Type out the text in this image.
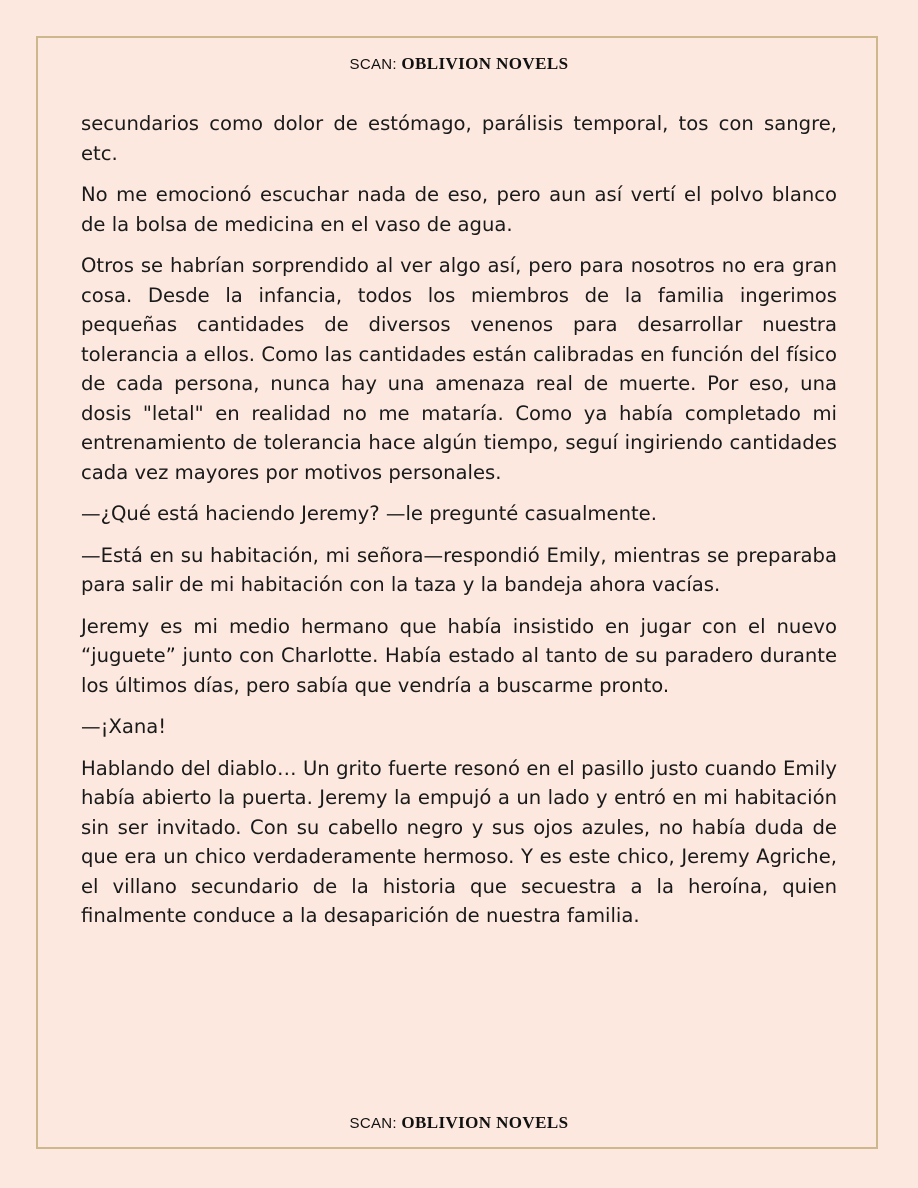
SCAN: OBLIVION NOVELS

secundarios como dolor de estómago, parálisis temporal, tos con sangre, etc.

No me emocionó escuchar nada de eso, pero aun así vertí el polvo blanco de la bolsa de medicina en el vaso de agua.

Otros se habrían sorprendido al ver algo así, pero para nosotros no era gran cosa. Desde la infancia, todos los miembros de la familia ingerimos pequeñas cantidades de diversos venenos para desarrollar nuestra tolerancia a ellos. Como las cantidades están calibradas en función del físico de cada persona, nunca hay una amenaza real de muerte. Por eso, una dosis "letal" en realidad no me mataría. Como ya había completado mi entrenamiento de tolerancia hace algún tiempo, seguí ingiriendo cantidades cada vez mayores por motivos personales.

—¿Qué está haciendo Jeremy? —le pregunté casualmente.

—Está en su habitación, mi señora—respondió Emily, mientras se preparaba para salir de mi habitación con la taza y la bandeja ahora vacías.

Jeremy es mi medio hermano que había insistido en jugar con el nuevo “juguete” junto con Charlotte. Había estado al tanto de su paradero durante los últimos días, pero sabía que vendría a buscarme pronto.

—¡Xana!

Hablando del diablo… Un grito fuerte resonó en el pasillo justo cuando Emily había abierto la puerta. Jeremy la empujó a un lado y entró en mi habitación sin ser invitado. Con su cabello negro y sus ojos azules, no había duda de que era un chico verdaderamente hermoso. Y es este chico, Jeremy Agriche, el villano secundario de la historia que secuestra a la heroína, quien finalmente conduce a la desaparición de nuestra familia.

SCAN: OBLIVION NOVELS
